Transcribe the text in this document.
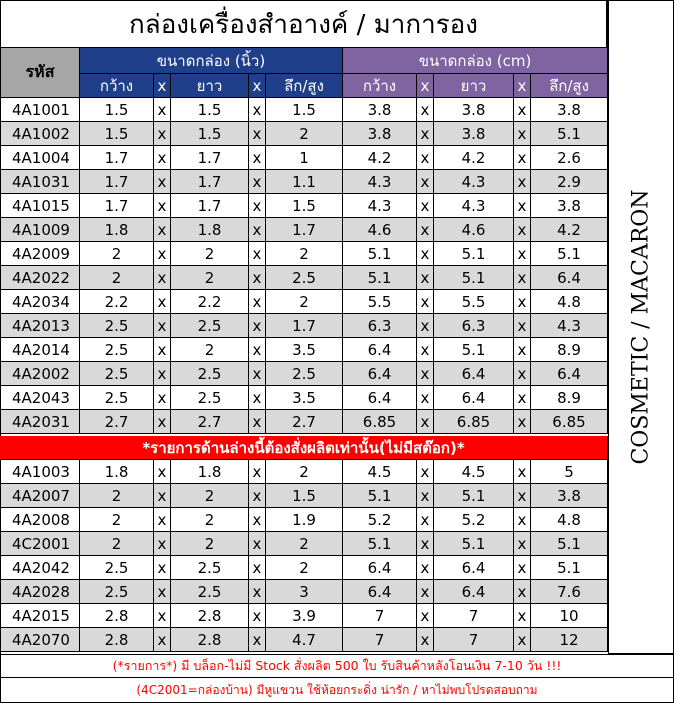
กล่องเครื่องสำอางค์ / มาการอง
รหัส
ขนาดกล่อง (นิ้ว)	ขนาดกล่อง (cm)
กว้าง	x	ยาว	x	ลึก/สูง	กว้าง	x	ยาว	x	ลึก/สูง
4A1001	1.5	x	1.5	x	1.5	3.8	x	3.8	x	3.8
4A1002	1.5	x	1.5	x	2	3.8	x	3.8	x	5.1
4A1004	1.7	x	1.7	x	1	4.2	x	4.2	x	2.6
4A1031	1.7	x	1.7	x	1.1	4.3	x	4.3	x	2.9
4A1015	1.7	x	1.7	x	1.5	4.3	x	4.3	x	3.8
4A1009	1.8	x	1.8	x	1.7	4.6	x	4.6	x	4.2
4A2009	2	x	2	x	2	5.1	x	5.1	x	5.1
4A2022	2	x	2	x	2.5	5.1	x	5.1	x	6.4
4A2034	2.2	x	2.2	x	2	5.5	x	5.5	x	4.8
4A2013	2.5	x	2.5	x	1.7	6.3	x	6.3	x	4.3
4A2014	2.5	x	2	x	3.5	6.4	x	5.1	x	8.9
4A2002	2.5	x	2.5	x	2.5	6.4	x	6.4	x	6.4
4A2043	2.5	x	2.5	x	3.5	6.4	x	6.4	x	8.9
4A2031	2.7	x	2.7	x	2.7	6.85	x	6.85	x	6.85
4A1003	1.8	x	1.8	x	2	4.5	x	4.5	x	5
4A2007	2	x	2	x	1.5	5.1	x	5.1	x	3.8
4A2008	2	x	2	x	1.9	5.2	x	5.2	x	4.8
4C2001	2	x	2	x	2	5.1	x	5.1	x	5.1
4A2042	2.5	x	2.5	x	2	6.4	x	6.4	x	5.1
4A2028	2.5	x	2.5	x	3	6.4	x	6.4	x	7.6
4A2015	2.8	x	2.8	x	3.9	7	x	7	x	10
4A2070	2.8	x	2.8	x	4.7	7	x	7	x	12
*รายการด้านล่างนี้ต้องสั่งผลิตเท่านั้น(ไม่มีสต๊อก)*	COSMETIC / MACARON
(*รายการ*) มี บล็อก-ไม่มี Stock สั่งผลิต 500 ใบ รับสินค้าหลังโอนเงิน 7-10 วัน !!!
(4C2001=กล่องบ้าน) มีหูแขวน ใช้ห้อยกระดิ่ง น่ารัก / หาไม่พบโปรดสอบถาม
